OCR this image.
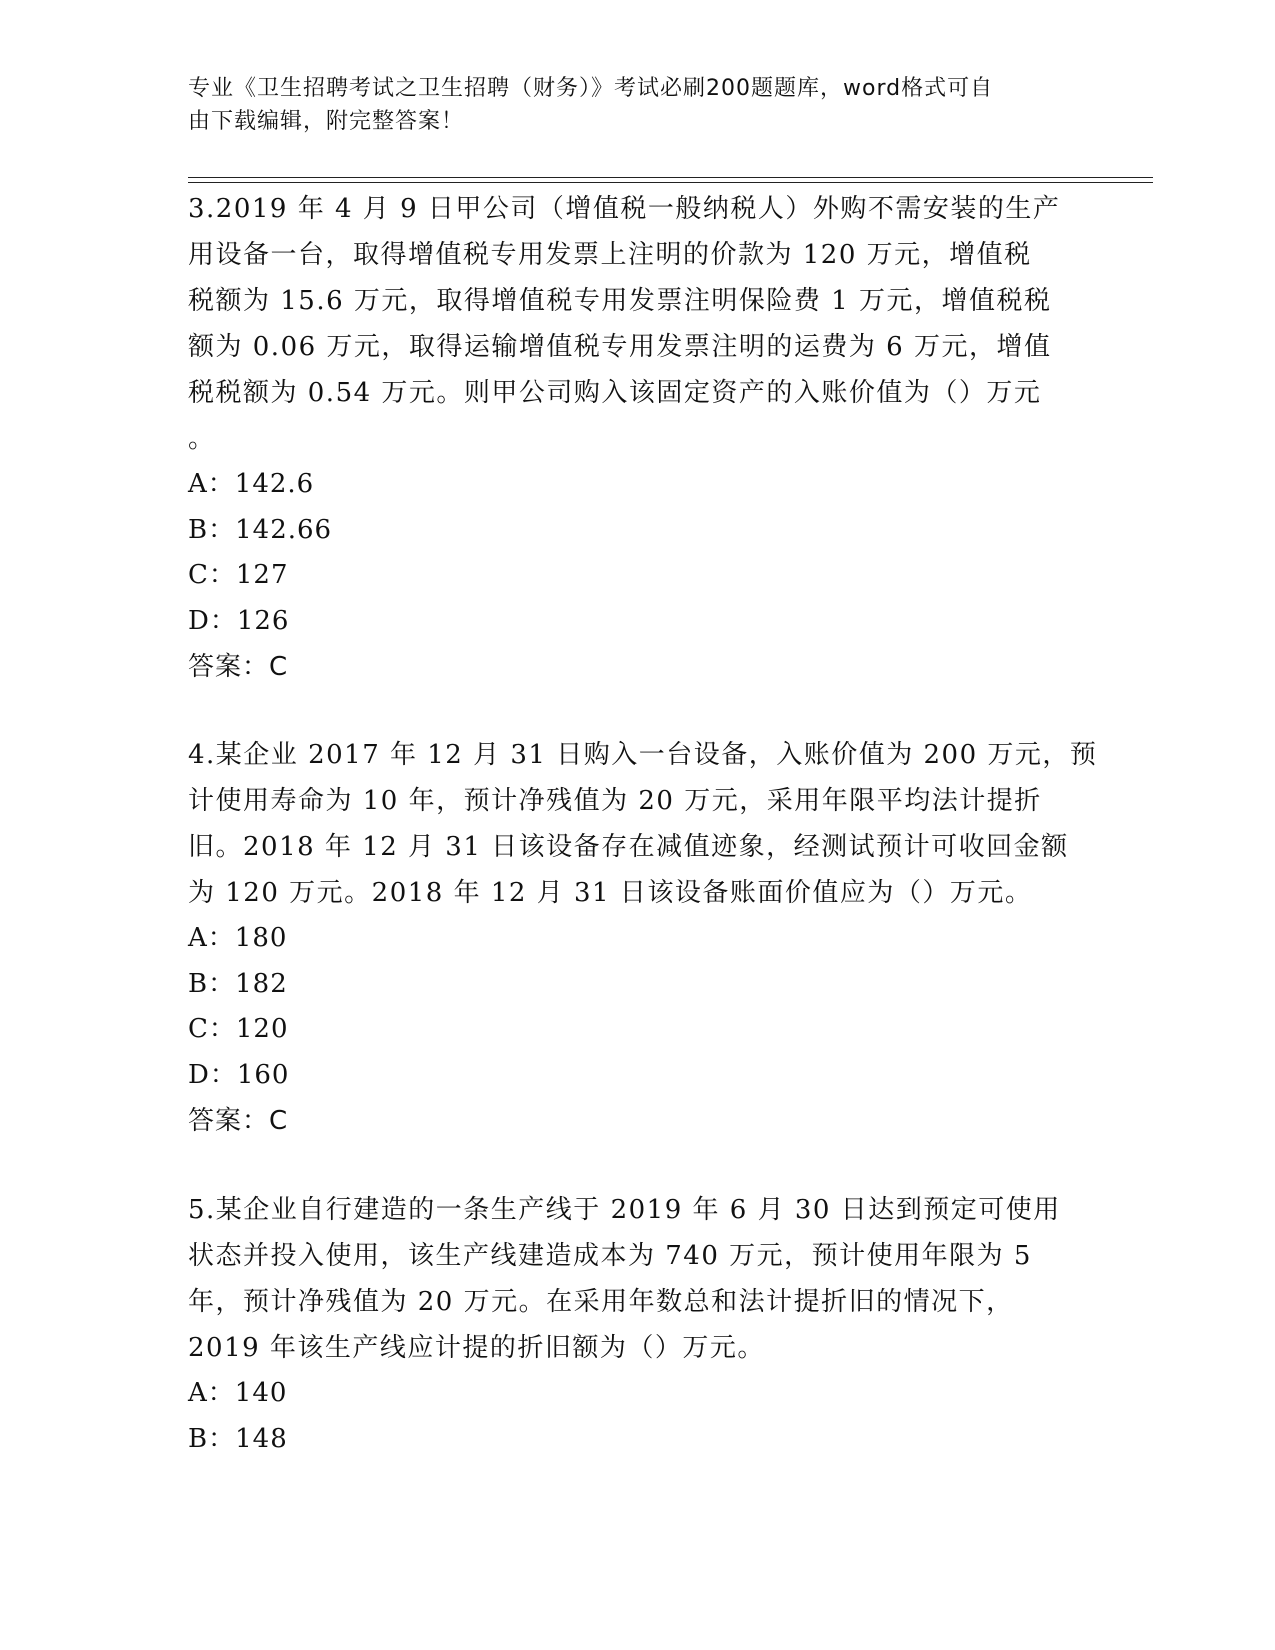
专业《卫生招聘考试之卫生招聘（财务）》考试必刷200题题库，word格式可自
由下载编辑，附完整答案！
3.2019 年 4 月 9 日甲公司（增值税一般纳税人）外购不需安装的生产
用设备一台，取得增值税专用发票上注明的价款为 120 万元，增值税
税额为 15.6 万元，取得增值税专用发票注明保险费 1 万元，增值税税
额为 0.06 万元，取得运输增值税专用发票注明的运费为 6 万元，增值
税税额为 0.54 万元。则甲公司购入该固定资产的入账价值为（）万元
。
A：142.6
B：142.66
C：127
D：126
答案：C
4.某企业 2017 年 12 月 31 日购入一台设备，入账价值为 200 万元，预
计使用寿命为 10 年，预计净残值为 20 万元，采用年限平均法计提折
旧。2018 年 12 月 31 日该设备存在减值迹象，经测试预计可收回金额
为 120 万元。2018 年 12 月 31 日该设备账面价值应为（）万元。
A：180
B：182
C：120
D：160
答案：C
5.某企业自行建造的一条生产线于 2019 年 6 月 30 日达到预定可使用
状态并投入使用，该生产线建造成本为 740 万元，预计使用年限为 5
年，预计净残值为 20 万元。在采用年数总和法计提折旧的情况下，
2019 年该生产线应计提的折旧额为（）万元。
A：140
B：148
